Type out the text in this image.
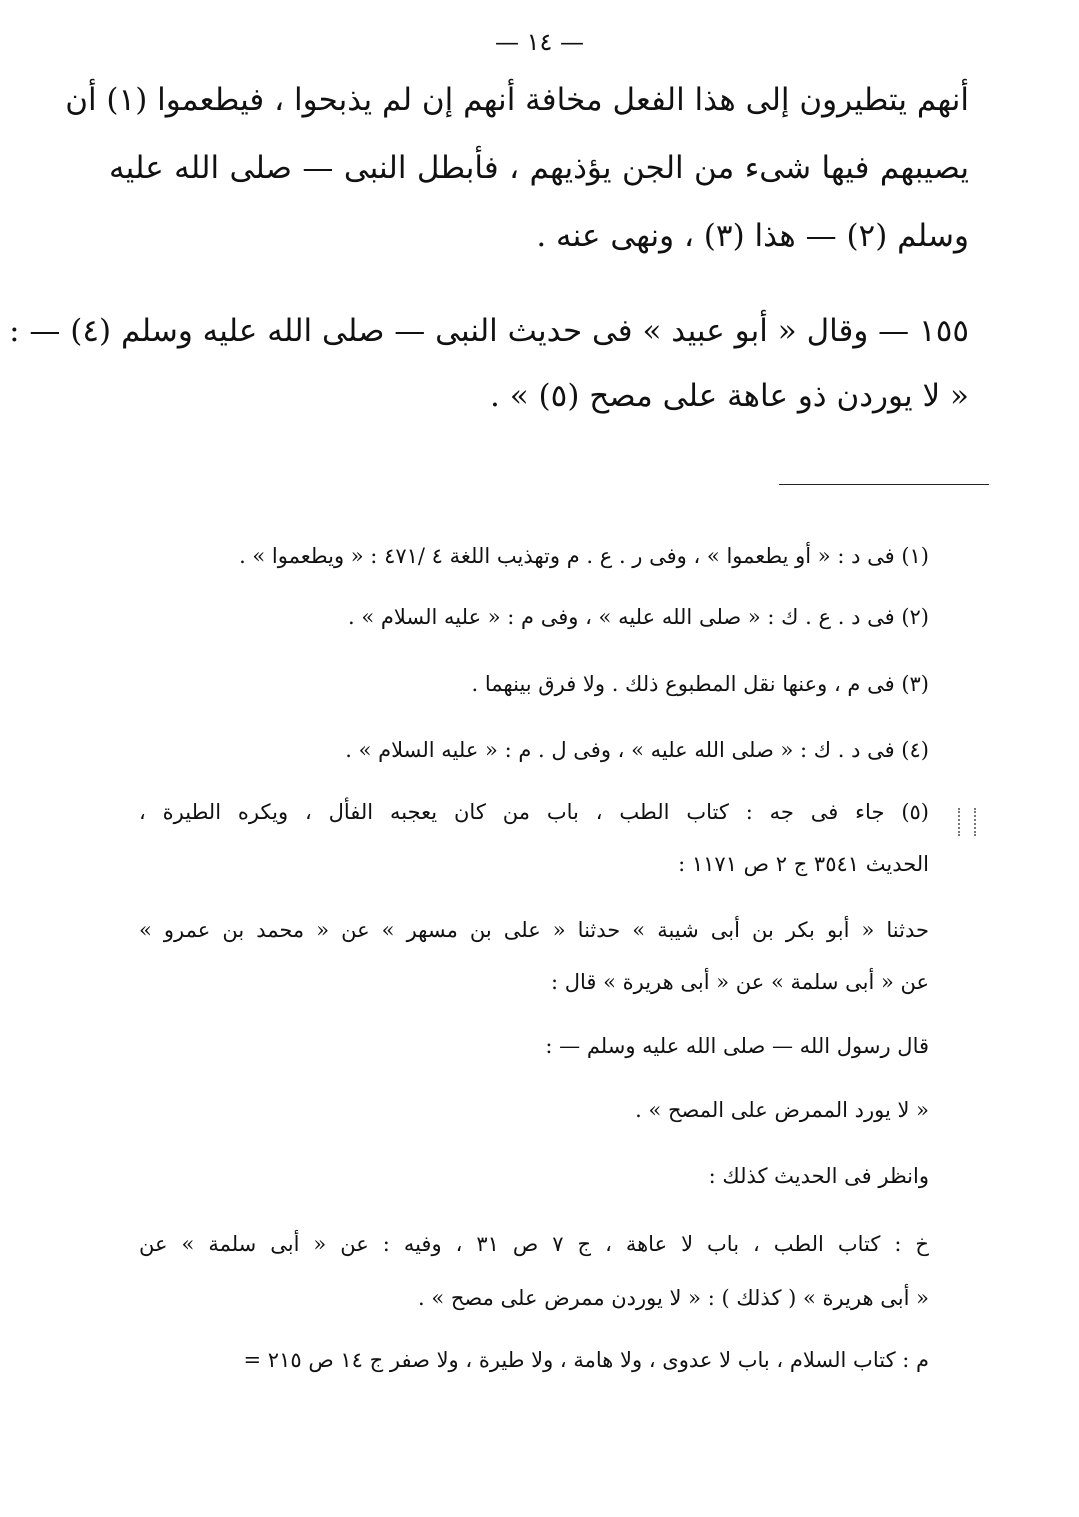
— ١٤ —
أنهم يتطيرون إلى هذا الفعل مخافة أنهم إن لم يذبحوا ، فيطعموا (١) أن
يصيبهم فيها شىء من الجن يؤذيهم ، فأبطل النبى — صلى الله عليه
وسلم (٢) — هذا (٣) ، ونهى عنه .
١٥٥ — وقال « أبو عبيد » فى حديث النبى — صلى الله عليه وسلم (٤) — :
« لا يوردن ذو عاهة على مصح (٥) » .
(١) فى د : « أو يطعموا » ، وفى ر . ع . م وتهذيب اللغة ٤ /٤٧١ : « ويطعموا » .
(٢) فى د . ع . ك : « صلى الله عليه » ، وفى م : « عليه السلام » .
(٣) فى م ، وعنها نقل المطبوع ذلك . ولا فرق بينهما .
(٤) فى د . ك : « صلى الله عليه » ، وفى ل . م : « عليه السلام » .
(٥) جاء فى جه : كتاب الطب ، باب من كان يعجبه الفأل ، ويكره الطيرة ،
الحديث ٣٥٤١ ج ٢ ص ١١٧١ :
حدثنا « أبو بكر بن أبى شيبة » حدثنا « على بن مسهر » عن « محمد بن عمرو »
عن « أبى سلمة » عن « أبى هريرة » قال :
قال رسول الله — صلى الله عليه وسلم — :
« لا يورد الممرض على المصح » .
وانظر فى الحديث كذلك :
خ : كتاب الطب ، باب لا عاهة ، ج ٧ ص ٣١ ، وفيه : عن « أبى سلمة » عن
« أبى هريرة » ( كذلك ) : « لا يوردن ممرض على مصح » .
م : كتاب السلام ، باب لا عدوى ، ولا هامة ، ولا طيرة ، ولا صفر ج ١٤ ص ٢١٥ =
